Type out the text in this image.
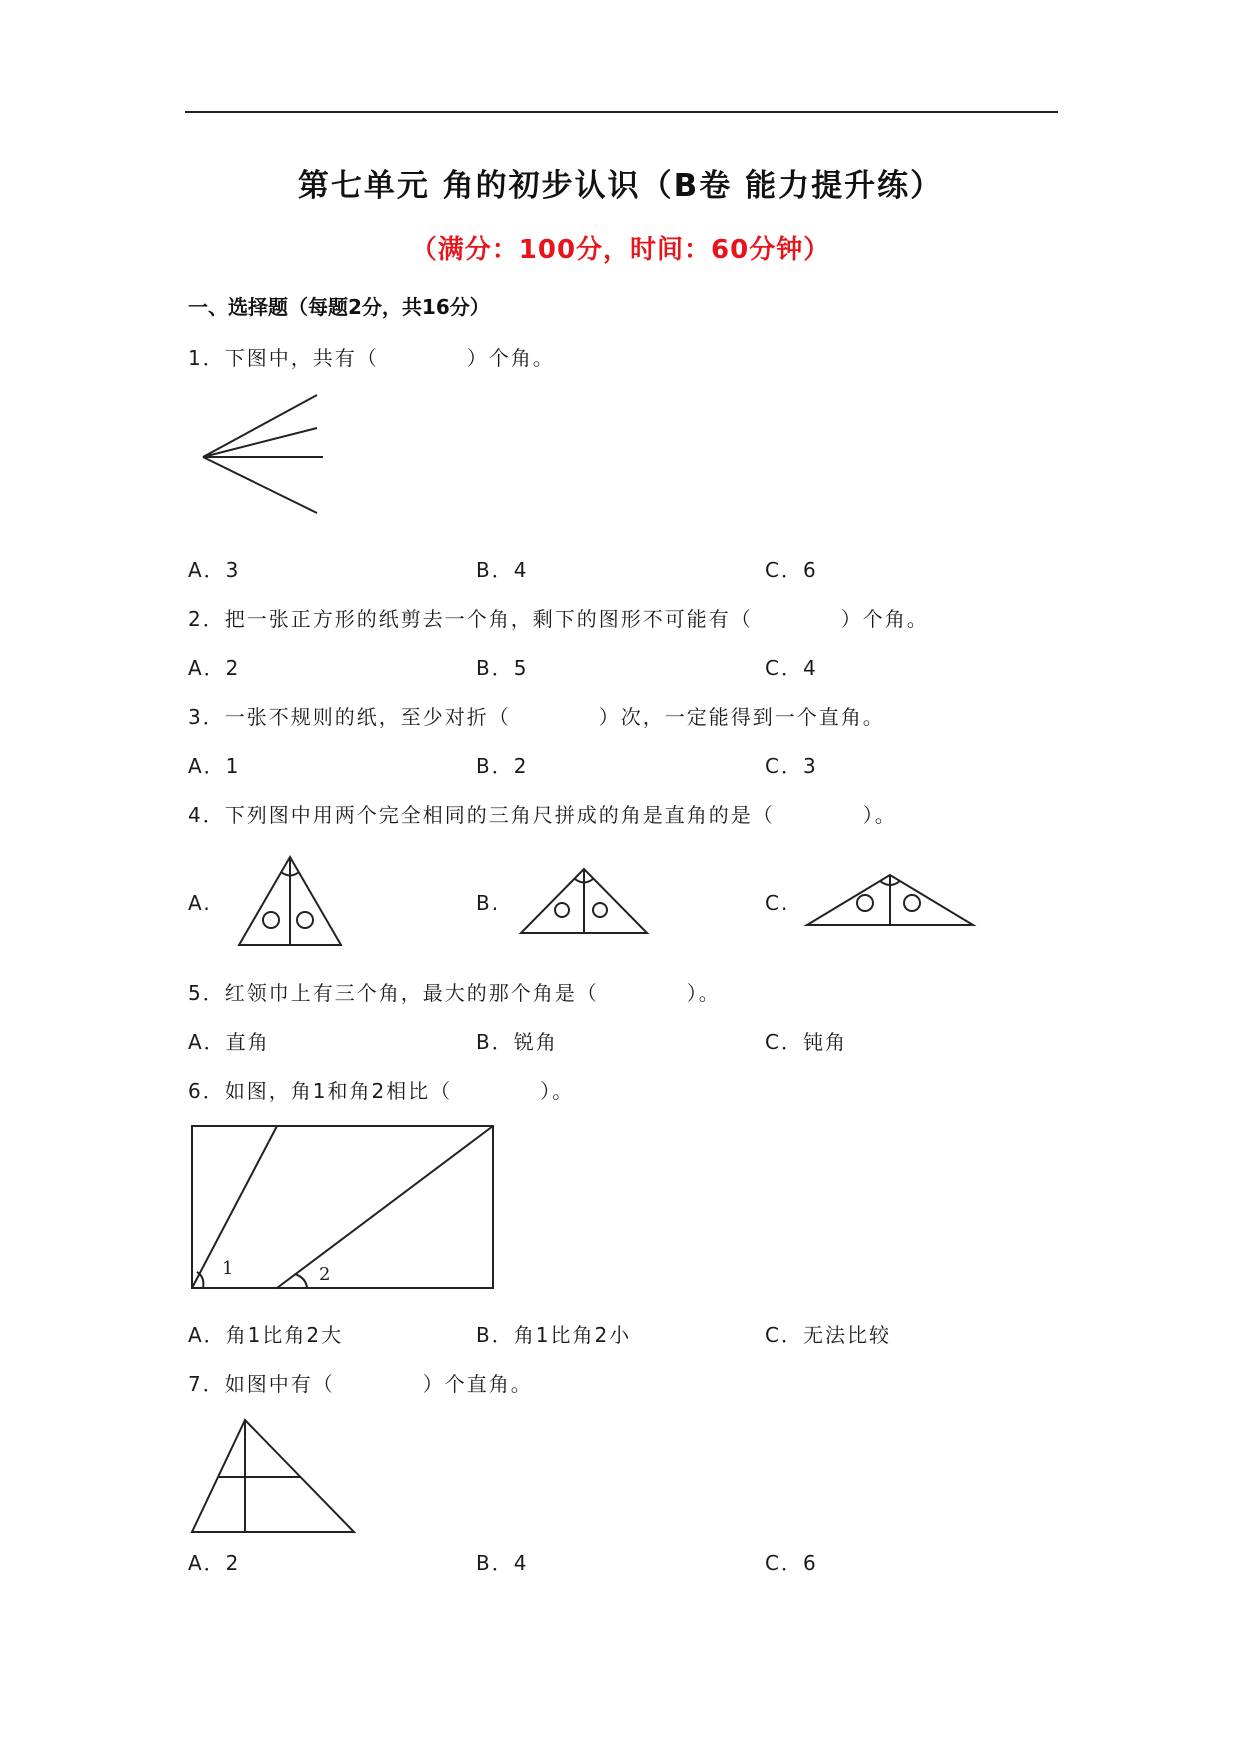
第七单元 角的初步认识（B卷 能力提升练）
（满分：100分，时间：60分钟）
一、选择题（每题2分，共16分）
1．下图中，共有（　　　　）个角。
A．3	B．4	C．6
2．把一张正方形的纸剪去一个角，剩下的图形不可能有（　　　　）个角。
A．2	B．5	C．4
3．一张不规则的纸，至少对折（　　　　）次，一定能得到一个直角。
A．1	B．2	C．3
4．下列图中用两个完全相同的三角尺拼成的角是直角的是（　　　　）。
A.	B.	C.
5．红领巾上有三个角，最大的那个角是（　　　　）。
A．直角	B．锐角	C．钝角
6．如图，角1和角2相比（　　　　）。
1	2
A．角1比角2大	B．角1比角2小	C．无法比较
7．如图中有（　　　　）个直角。
A．2	B．4	C．6
